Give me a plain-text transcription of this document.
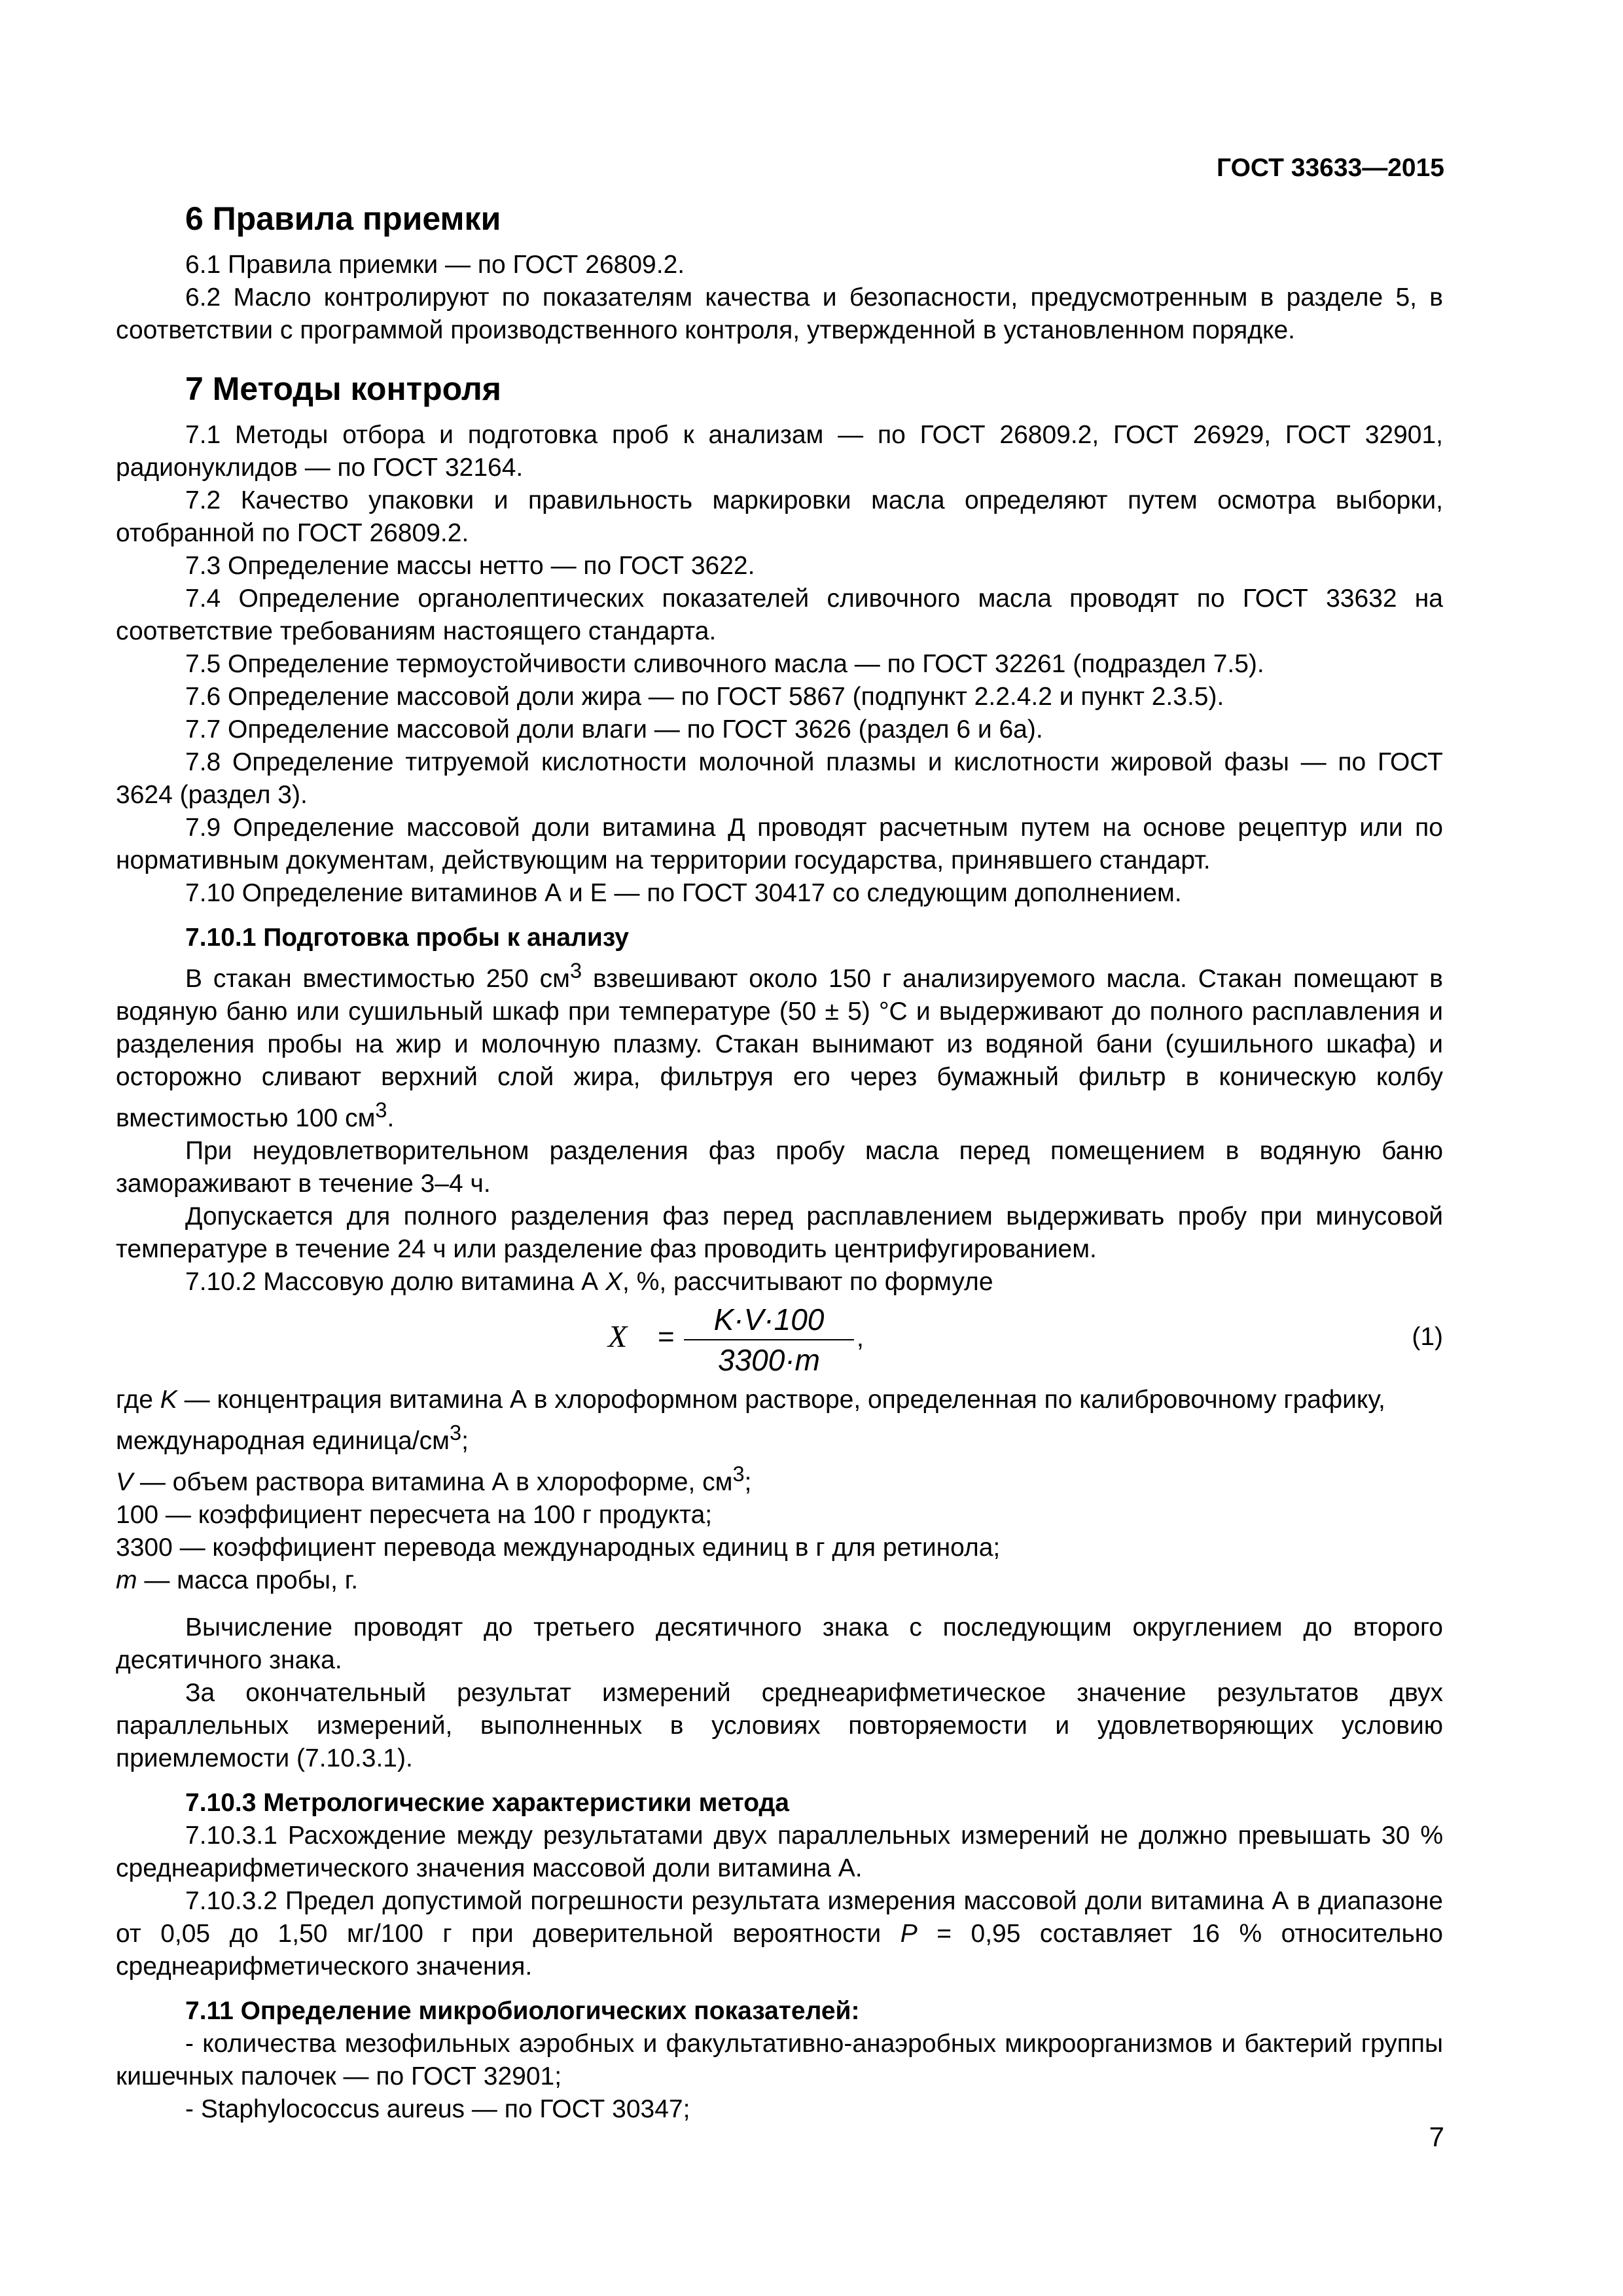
ГОСТ 33633—2015

6 Правила приемки

6.1 Правила приемки — по ГОСТ 26809.2.

6.2 Масло контролируют по показателям качества и безопасности, предусмотренным в разделе 5, в соответствии с программой производственного контроля, утвержденной в установленном порядке.

7 Методы контроля

7.1 Методы отбора и подготовка проб к анализам — по ГОСТ 26809.2, ГОСТ 26929, ГОСТ 32901, радионуклидов — по ГОСТ 32164.

7.2 Качество упаковки и правильность маркировки масла определяют путем осмотра выборки, отобранной по ГОСТ 26809.2.

7.3 Определение массы нетто — по ГОСТ 3622.

7.4 Определение органолептических показателей сливочного масла проводят по ГОСТ 33632 на соответствие требованиям настоящего стандарта.

7.5 Определение термоустойчивости сливочного масла — по ГОСТ 32261 (подраздел 7.5).

7.6 Определение массовой доли жира — по ГОСТ 5867 (подпункт 2.2.4.2 и пункт 2.3.5).

7.7 Определение массовой доли влаги — по ГОСТ 3626 (раздел 6 и 6а).

7.8 Определение титруемой кислотности молочной плазмы и кислотности жировой фазы — по ГОСТ 3624 (раздел 3).

7.9 Определение массовой доли витамина Д проводят расчетным путем на основе рецептур или по нормативным документам, действующим на территории государства, принявшего стандарт.

7.10 Определение витаминов А и Е — по ГОСТ 30417 со следующим дополнением.

7.10.1 Подготовка пробы к анализу

В стакан вместимостью 250 $см^3$ взвешивают около 150 г анализируемого масла. Стакан помещают в водяную баню или сушильный шкаф при температуре (50 ± 5) °С и выдерживают до полного расплавления и разделения пробы на жир и молочную плазму. Стакан вынимают из водяной бани (сушильного шкафа) и осторожно сливают верхний слой жира, фильтруя его через бумажный фильтр в коническую колбу вместимостью 100 $см^3$.

При неудовлетворительном разделения фаз пробу масла перед помещением в водяную баню замораживают в течение 3–4 ч.

Допускается для полного разделения фаз перед расплавлением выдерживать пробу при минусовой температуре в течение 24 ч или разделение фаз проводить центрифугированием.

7.10.2 Массовую долю витамина А X, %, рассчитывают по формуле

$X = \frac{K\cdot V\cdot 100}{3300\cdot m}$ ,	(1)

где K — концентрация витамина А в хлороформном растворе, определенная по калибровочному графику, международная единица/$см^3$;

V — объем раствора витамина А в хлороформе, $см^3$;

100 — коэффициент пересчета на 100 г продукта;

3300 — коэффициент перевода международных единиц в г для ретинола;

m — масса пробы, г.

Вычисление проводят до третьего десятичного знака с последующим округлением до второго десятичного знака.

За окончательный результат измерений среднеарифметическое значение результатов двух параллельных измерений, выполненных в условиях повторяемости и удовлетворяющих условию приемлемости (7.10.3.1).

7.10.3 Метрологические характеристики метода

7.10.3.1 Расхождение между результатами двух параллельных измерений не должно превышать 30 % среднеарифметического значения массовой доли витамина А.

7.10.3.2 Предел допустимой погрешности результата измерения массовой доли витамина А в диапазоне от 0,05 до 1,50 мг/100 г при доверительной вероятности Р = 0,95 составляет 16 % относительно среднеарифметического значения.

7.11 Определение микробиологических показателей:

- количества мезофильных аэробных и факультативно-анаэробных микроорганизмов и бактерий группы кишечных палочек — по ГОСТ 32901;

- Staphylococcus aureus — по ГОСТ 30347;

7
